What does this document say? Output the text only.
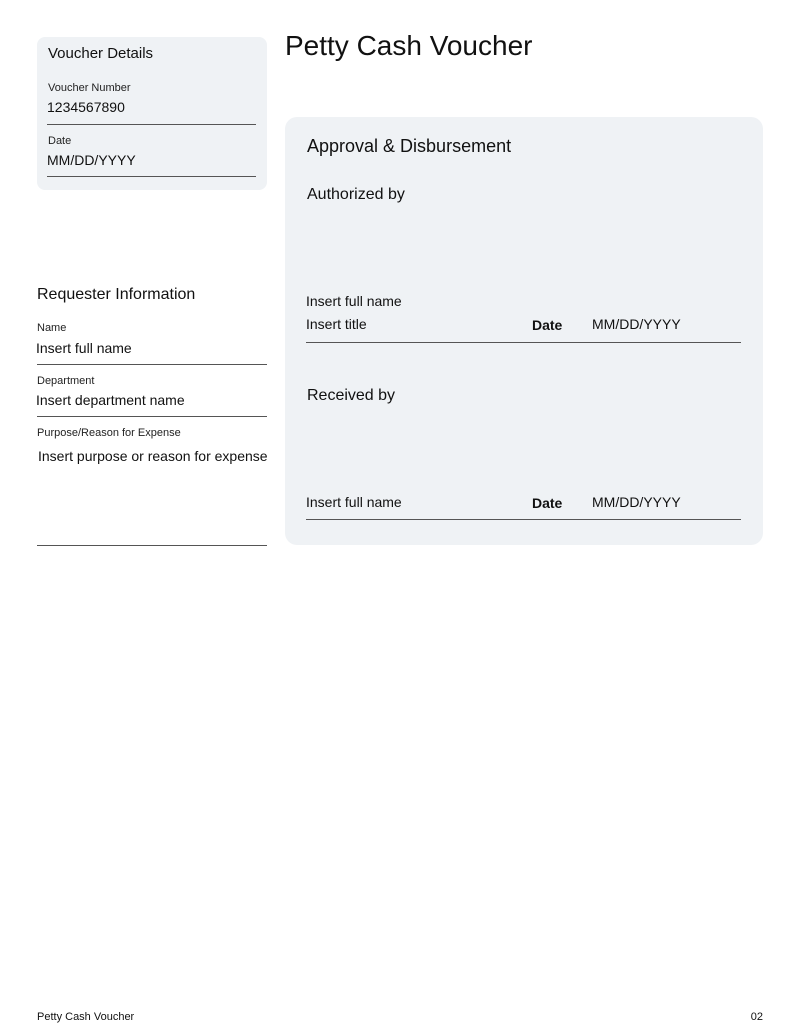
Voucher Details
Voucher Number
1234567890
Date
MM/DD/YYYY
Petty Cash Voucher
Requester Information
Name
Insert full name
Department
Insert department name
Purpose/Reason for Expense
Insert purpose or reason for expense
Approval & Disbursement
Authorized by
Insert full name
Insert title	Date MM/DD/YYYY
Received by
Insert full name	Date MM/DD/YYYY
Petty Cash Voucher	02
